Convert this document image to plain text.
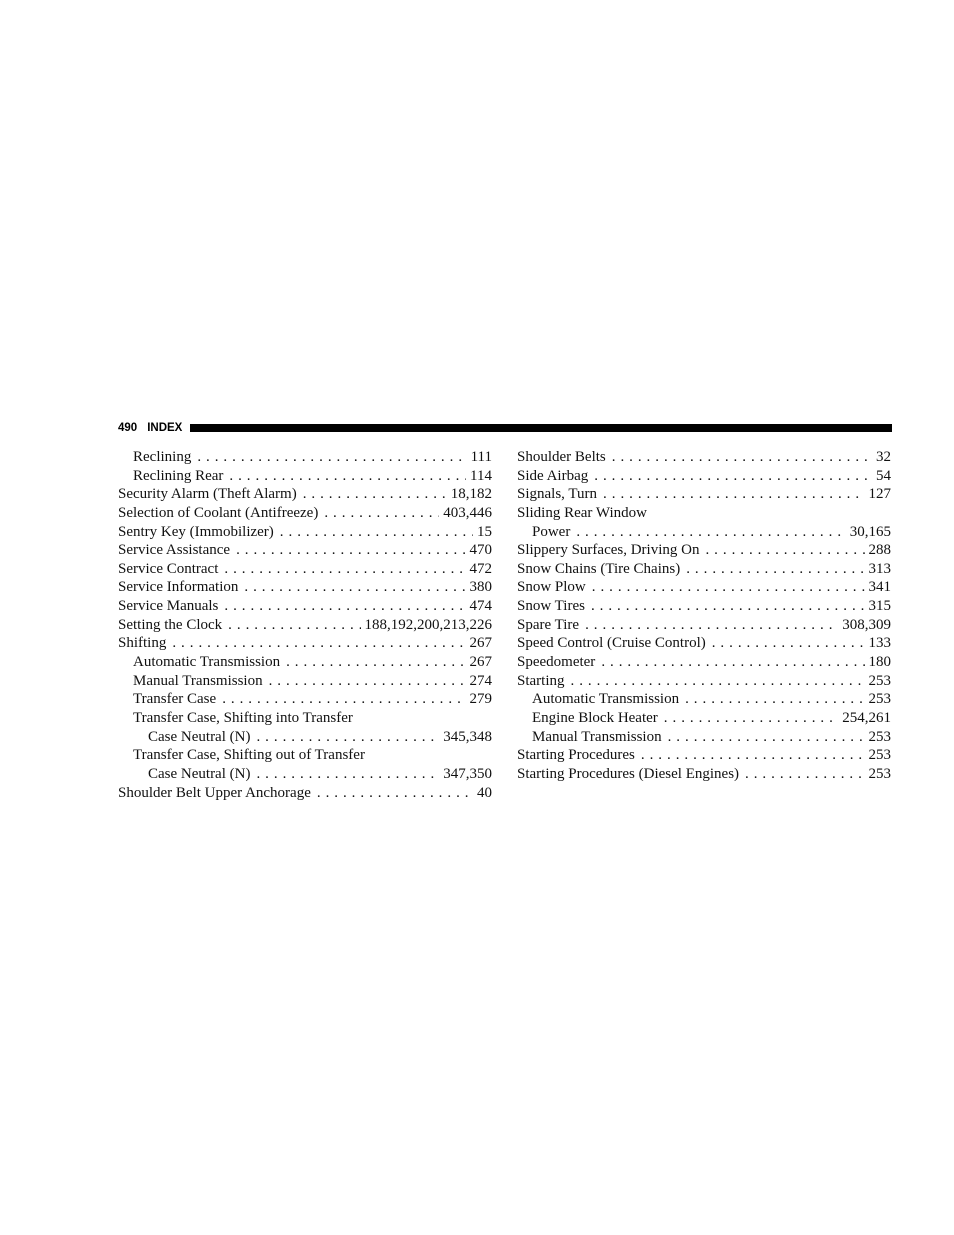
490 INDEX
Reclining . . .	111
Reclining Rear . . .	114
Security Alarm (Theft Alarm) . . .	18,182
Selection of Coolant (Antifreeze) . . .	403,446
Sentry Key (Immobilizer) . . .	15
Service Assistance . . .	470
Service Contract . . .	472
Service Information . . .	380
Service Manuals . . .	474
Setting the Clock . . .	188,192,200,213,226
Shifting . . .	267
Automatic Transmission . . .	267
Manual Transmission . . .	274
Transfer Case . . .	279
Transfer Case, Shifting into Transfer
Case Neutral (N) . . .	345,348
Transfer Case, Shifting out of Transfer
Case Neutral (N) . . .	347,350
Shoulder Belt Upper Anchorage . . .	40
Shoulder Belts . . .	32
Side Airbag . . .	54
Signals, Turn . . .	127
Sliding Rear Window
Power . . .	30,165
Slippery Surfaces, Driving On . . .	288
Snow Chains (Tire Chains) . . .	313
Snow Plow . . .	341
Snow Tires . . .	315
Spare Tire . . .	308,309
Speed Control (Cruise Control) . . .	133
Speedometer . . .	180
Starting . . .	253
Automatic Transmission . . .	253
Engine Block Heater . . .	254,261
Manual Transmission . . .	253
Starting Procedures . . .	253
Starting Procedures (Diesel Engines) . . .	253
